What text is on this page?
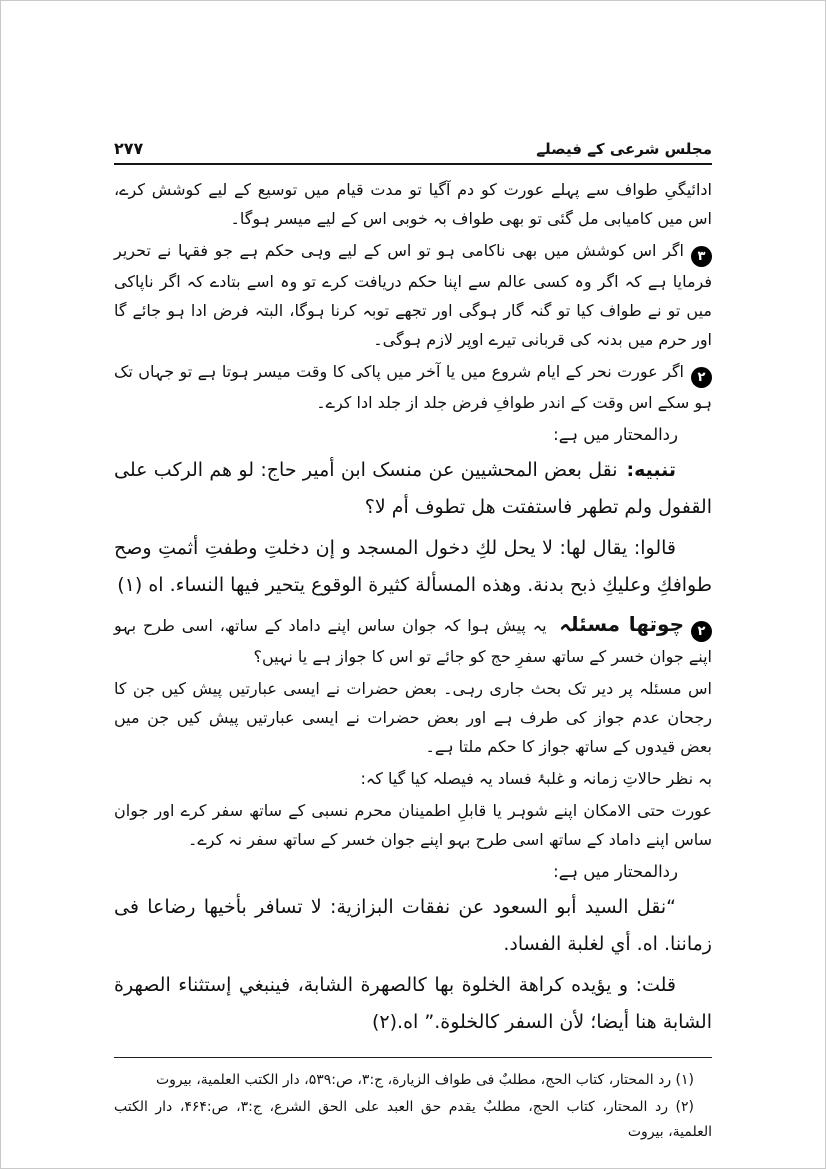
مجلس شرعی کے فیصلے
۲۷۷

ادائیگیِ طواف سے پہلے عورت کو دم آگیا تو مدت قیام میں توسیع کے لیے کوشش کرے، اس میں کامیابی مل گئی تو بھی طواف بہ خوبی اس کے لیے میسر ہوگا۔

۳اگر اس کوشش میں بھی ناکامی ہو تو اس کے لیے وہی حکم ہے جو فقہا نے تحریر فرمایا ہے کہ اگر وہ کسی عالم سے اپنا حکم دریافت کرے تو وہ اسے بتادے کہ اگر ناپاکی میں تو نے طواف کیا تو گنہ گار ہوگی اور تجھے توبہ کرنا ہوگا، البتہ فرض ادا ہو جائے گا اور حرم میں بدنہ کی قربانی تیرے اوپر لازم ہوگی۔

۲اگر عورت نحر کے ایام شروع میں یا آخر میں پاکی کا وقت میسر ہوتا ہے تو جہاں تک ہو سکے اس وقت کے اندر طوافِ فرض جلد از جلد ادا کرے۔

ردالمحتار میں ہے:

تنبیه: نقل بعض المحشیین عن منسک ابن أمیر حاج: لو هم الرکب علی القفول ولم تطهر فاستفتت هل تطوف أم لا؟

قالوا: یقال لها: لا یحل لكِ دخول المسجد و إن دخلتِ وطفتِ أثمتِ وصح طوافكِ وعلیكِ ذبح بدنة. وهذه المسألة کثیرة الوقوع یتحیر فیها النساء. اه (۱)

۲چوتھا مسئلہ یہ پیش ہوا کہ جوان ساس اپنے داماد کے ساتھ، اسی طرح بہو اپنے جوان خسر کے ساتھ سفرِ حج کو جائے تو اس کا جواز ہے یا نہیں؟

اس مسئلہ پر دیر تک بحث جاری رہی۔ بعض حضرات نے ایسی عبارتیں پیش کیں جن کا رجحان عدم جواز کی طرف ہے اور بعض حضرات نے ایسی عبارتیں پیش کیں جن میں بعض قیدوں کے ساتھ جواز کا حکم ملتا ہے۔

بہ نظر حالاتِ زمانہ و غلبۂ فساد یہ فیصلہ کیا گیا کہ:

عورت حتی الامکان اپنے شوہر یا قابلِ اطمینان محرم نسبی کے ساتھ سفر کرے اور جوان ساس اپنے داماد کے ساتھ اسی طرح بہو اپنے جوان خسر کے ساتھ سفر نہ کرے۔

ردالمحتار میں ہے:

“نقل السید أبو السعود عن نفقات البزازیة: لا تسافر بأخیها رضاعا فی زماننا. اه. أي لغلبة الفساد.

قلت: و یؤیده کراهة الخلوة بها کالصهرة الشابة، فینبغي إستثناء الصهرة الشابة هنا أیضا؛ لأن السفر کالخلوة.” اه.(۲)

(۱) رد المحتار، کتاب الحج، مطلبٌ فی طواف الزیارة، ج:۳، ص:۵۳۹، دار الکتب العلمیة، بیروت

(۲) رد المحتار، کتاب الحج، مطلبٌ یقدم حق العبد علی الحق الشرع، ج:۳، ص:۴۶۴، دار الکتب العلمیة، بیروت
